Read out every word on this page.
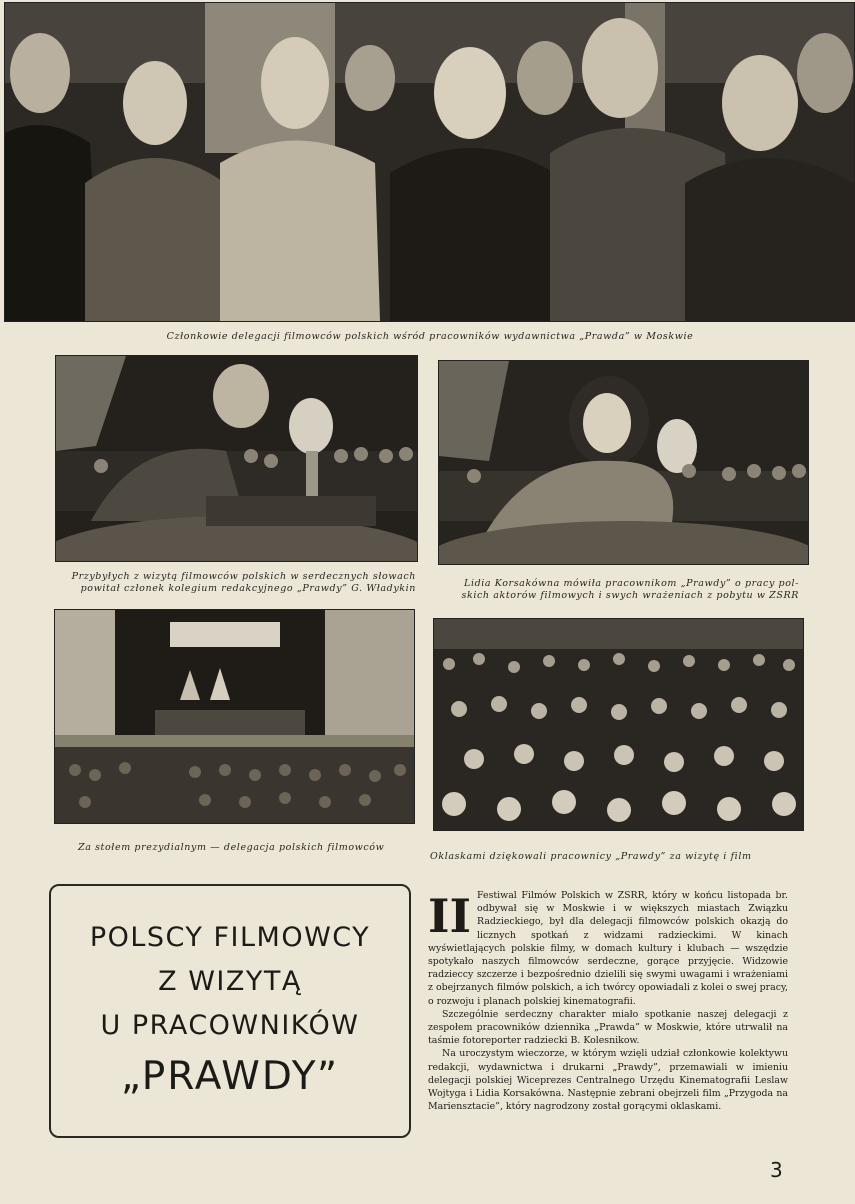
Członkowie delegacji filmowców polskich wśród pracowników wydawnictwa „Prawda” w Moskwie
Przybyłych z wizytą filmowców polskich w serdecznych słowach
powitał członek kolegium redakcyjnego „Prawdy” G. Władykin	Lidia Korsakówna mówiła pracownikom „Prawdy” o pracy pol-
skich aktorów filmowych i swych wrażeniach z pobytu w ZSRR
Za stołem prezydialnym — delegacja polskich filmowców
Oklaskami dziękowali pracownicy „Prawdy” za wizytę i film
POLSCY FILMOWCY
Z WIZYTĄ
U PRACOWNIKÓW
„PRAWDY”

II Festiwal Filmów Polskich w ZSRR, który w końcu listopada br. odbywał się w Moskwie i w większych miastach Związku Radzieckiego, był dla delegacji filmowców polskich okazją do licznych spotkań z widzami radzieckimi. W kinach wyświetlających polskie filmy, w domach kultury i klubach — wszędzie spotykało naszych filmowców serdeczne, gorące przyjęcie. Widzowie radzieccy szczerze i bezpośrednio dzielili się swymi uwagami i wrażeniami z obejrzanych filmów polskich, a ich twórcy opowiadali z kolei o swej pracy, o rozwoju i planach polskiej kinematografii.

Szczególnie serdeczny charakter miało spotkanie naszej delegacji z zespołem pracowników dziennika „Prawda” w Moskwie, które utrwalił na taśmie fotoreporter radziecki B. Kolesnikow.

Na uroczystym wieczorze, w którym wzięli udział członkowie kolektywu redakcji, wydawnictwa i drukarni „Prawdy”, przemawiali w imieniu delegacji polskiej Wiceprezes Centralnego Urzędu Kinematografii Leslaw Wojtyga i Lidia Korsakówna. Następnie zebrani obejrzeli film „Przygoda na Mariensztacie”, który nagrodzony został gorącymi oklaskami.

3
